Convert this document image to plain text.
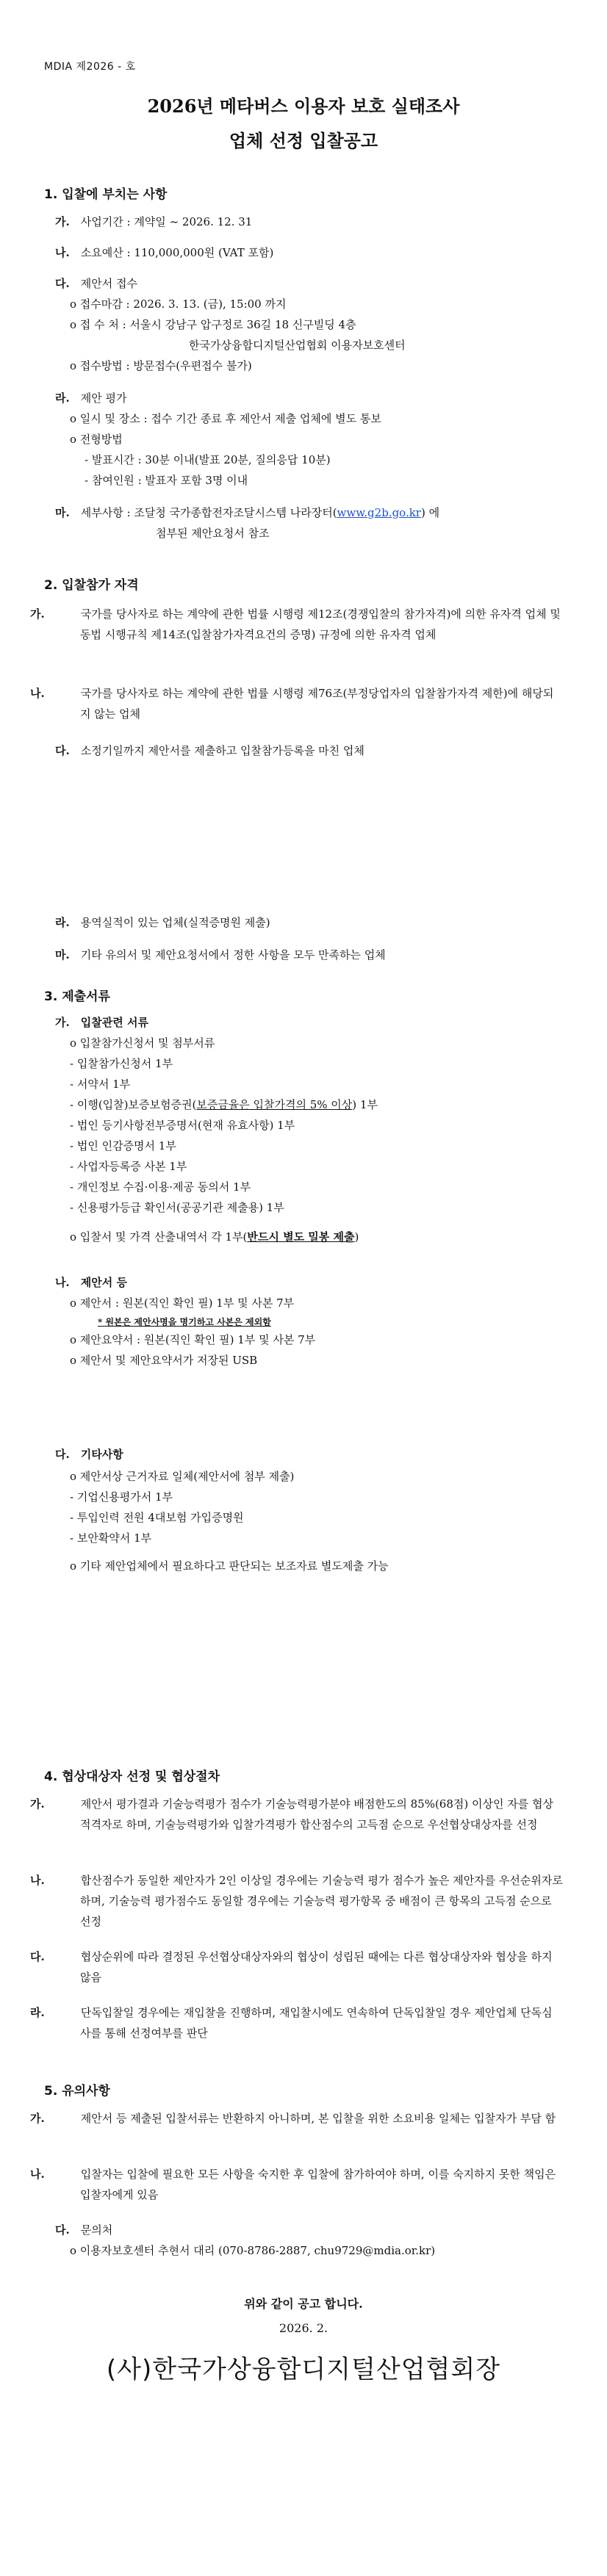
MDIA 제2026 - 호
2026년 메타버스 이용자 보호 실태조사
업체 선정 입찰공고
1. 입찰에 부치는 사항
가. 사업기간 : 계약일 ~ 2026. 12. 31
나. 소요예산 : 110,000,000원 (VAT 포함)
다. 제안서 접수
o 접수마감 : 2026. 3. 13. (금), 15:00 까지
o 접 수 처 : 서울시 강남구 압구정로 36길 18 신구빌딩 4층
한국가상융합디지털산업협회 이용자보호센터
o 접수방법 : 방문접수(우편접수 불가)
라. 제안 평가
o 일시 및 장소 : 접수 기간 종료 후 제안서 제출 업체에 별도 통보
o 전형방법
- 발표시간 : 30분 이내(발표 20분, 질의응답 10분)
- 참여인원 : 발표자 포함 3명 이내
마. 세부사항 : 조달청 국가종합전자조달시스템 나라장터(www.g2b.go.kr) 에
첨부된 제안요청서 참조
2. 입찰참가 자격
가.	국가를 당사자로 하는 계약에 관한 법률 시행령 제12조(경쟁입찰의 참가자격)에 의한 유자격 업체 및 동법 시행규칙 제14조(입찰참가자격요건의 증명) 규정에 의한 유자격 업체
나.	국가를 당사자로 하는 계약에 관한 법률 시행령 제76조(부정당업자의 입찰참가자격 제한)에 해당되지 않는 업체
다. 소정기일까지 제안서를 제출하고 입찰참가등록을 마친 업체
라. 용역실적이 있는 업체(실적증명원 제출)
마. 기타 유의서 및 제안요청서에서 정한 사항을 모두 만족하는 업체
3. 제출서류
가. 입찰관련 서류
o 입찰참가신청서 및 첨부서류
- 입찰참가신청서 1부
- 서약서 1부
- 이행(입찰)보증보험증권(보증금율은 입찰가격의 5% 이상) 1부
- 법인 등기사항전부증명서(현재 유효사항) 1부
- 법인 인감증명서 1부
- 사업자등록증 사본 1부
- 개인정보 수집·이용·제공 동의서 1부
- 신용평가등급 확인서(공공기관 제출용) 1부
o 입찰서 및 가격 산출내역서 각 1부(반드시 별도 밀봉 제출)
나. 제안서 등
o 제안서 : 원본(직인 확인 필) 1부 및 사본 7부
* 원본은 제안사명을 명기하고 사본은 제외함
o 제안요약서 : 원본(직인 확인 필) 1부 및 사본 7부
o 제안서 및 제안요약서가 저장된 USB
다. 기타사항
o 제안서상 근거자료 일체(제안서에 첨부 제출)
- 기업신용평가서 1부
- 투입인력 전원 4대보험 가입증명원
- 보안확약서 1부
o 기타 제안업체에서 필요하다고 판단되는 보조자료 별도제출 가능
4. 협상대상자 선정 및 협상절차
가.	제안서 평가결과 기술능력평가 점수가 기술능력평가분야 배점한도의 85%(68점) 이상인 자를 협상적격자로 하며, 기술능력평가와 입찰가격평가 합산점수의 고득점 순으로 우선협상대상자를 선정
나.	합산점수가 동일한 제안자가 2인 이상일 경우에는 기술능력 평가 점수가 높은 제안자를 우선순위자로 하며, 기술능력 평가점수도 동일할 경우에는 기술능력 평가항목 중 배점이 큰 항목의 고득점 순으로 선정
다.	협상순위에 따라 결정된 우선협상대상자와의 협상이 성립된 때에는 다른 협상대상자와 협상을 하지 않음
라.	단독입찰일 경우에는 재입찰을 진행하며, 재입찰시에도 연속하여 단독입찰일 경우 제안업체 단독심사를 통해 선정여부를 판단
5. 유의사항
가.	제안서 등 제출된 입찰서류는 반환하지 아니하며, 본 입찰을 위한 소요비용 일체는 입찰자가 부담 함
나.	입찰자는 입찰에 필요한 모든 사항을 숙지한 후 입찰에 참가하여야 하며, 이를 숙지하지 못한 책임은 입찰자에게 있음
다. 문의처
o 이용자보호센터 추현서 대리 (070-8786-2887, chu9729@mdia.or.kr)
위와 같이 공고 합니다.
2026. 2.
(사)한국가상융합디지털산업협회장
